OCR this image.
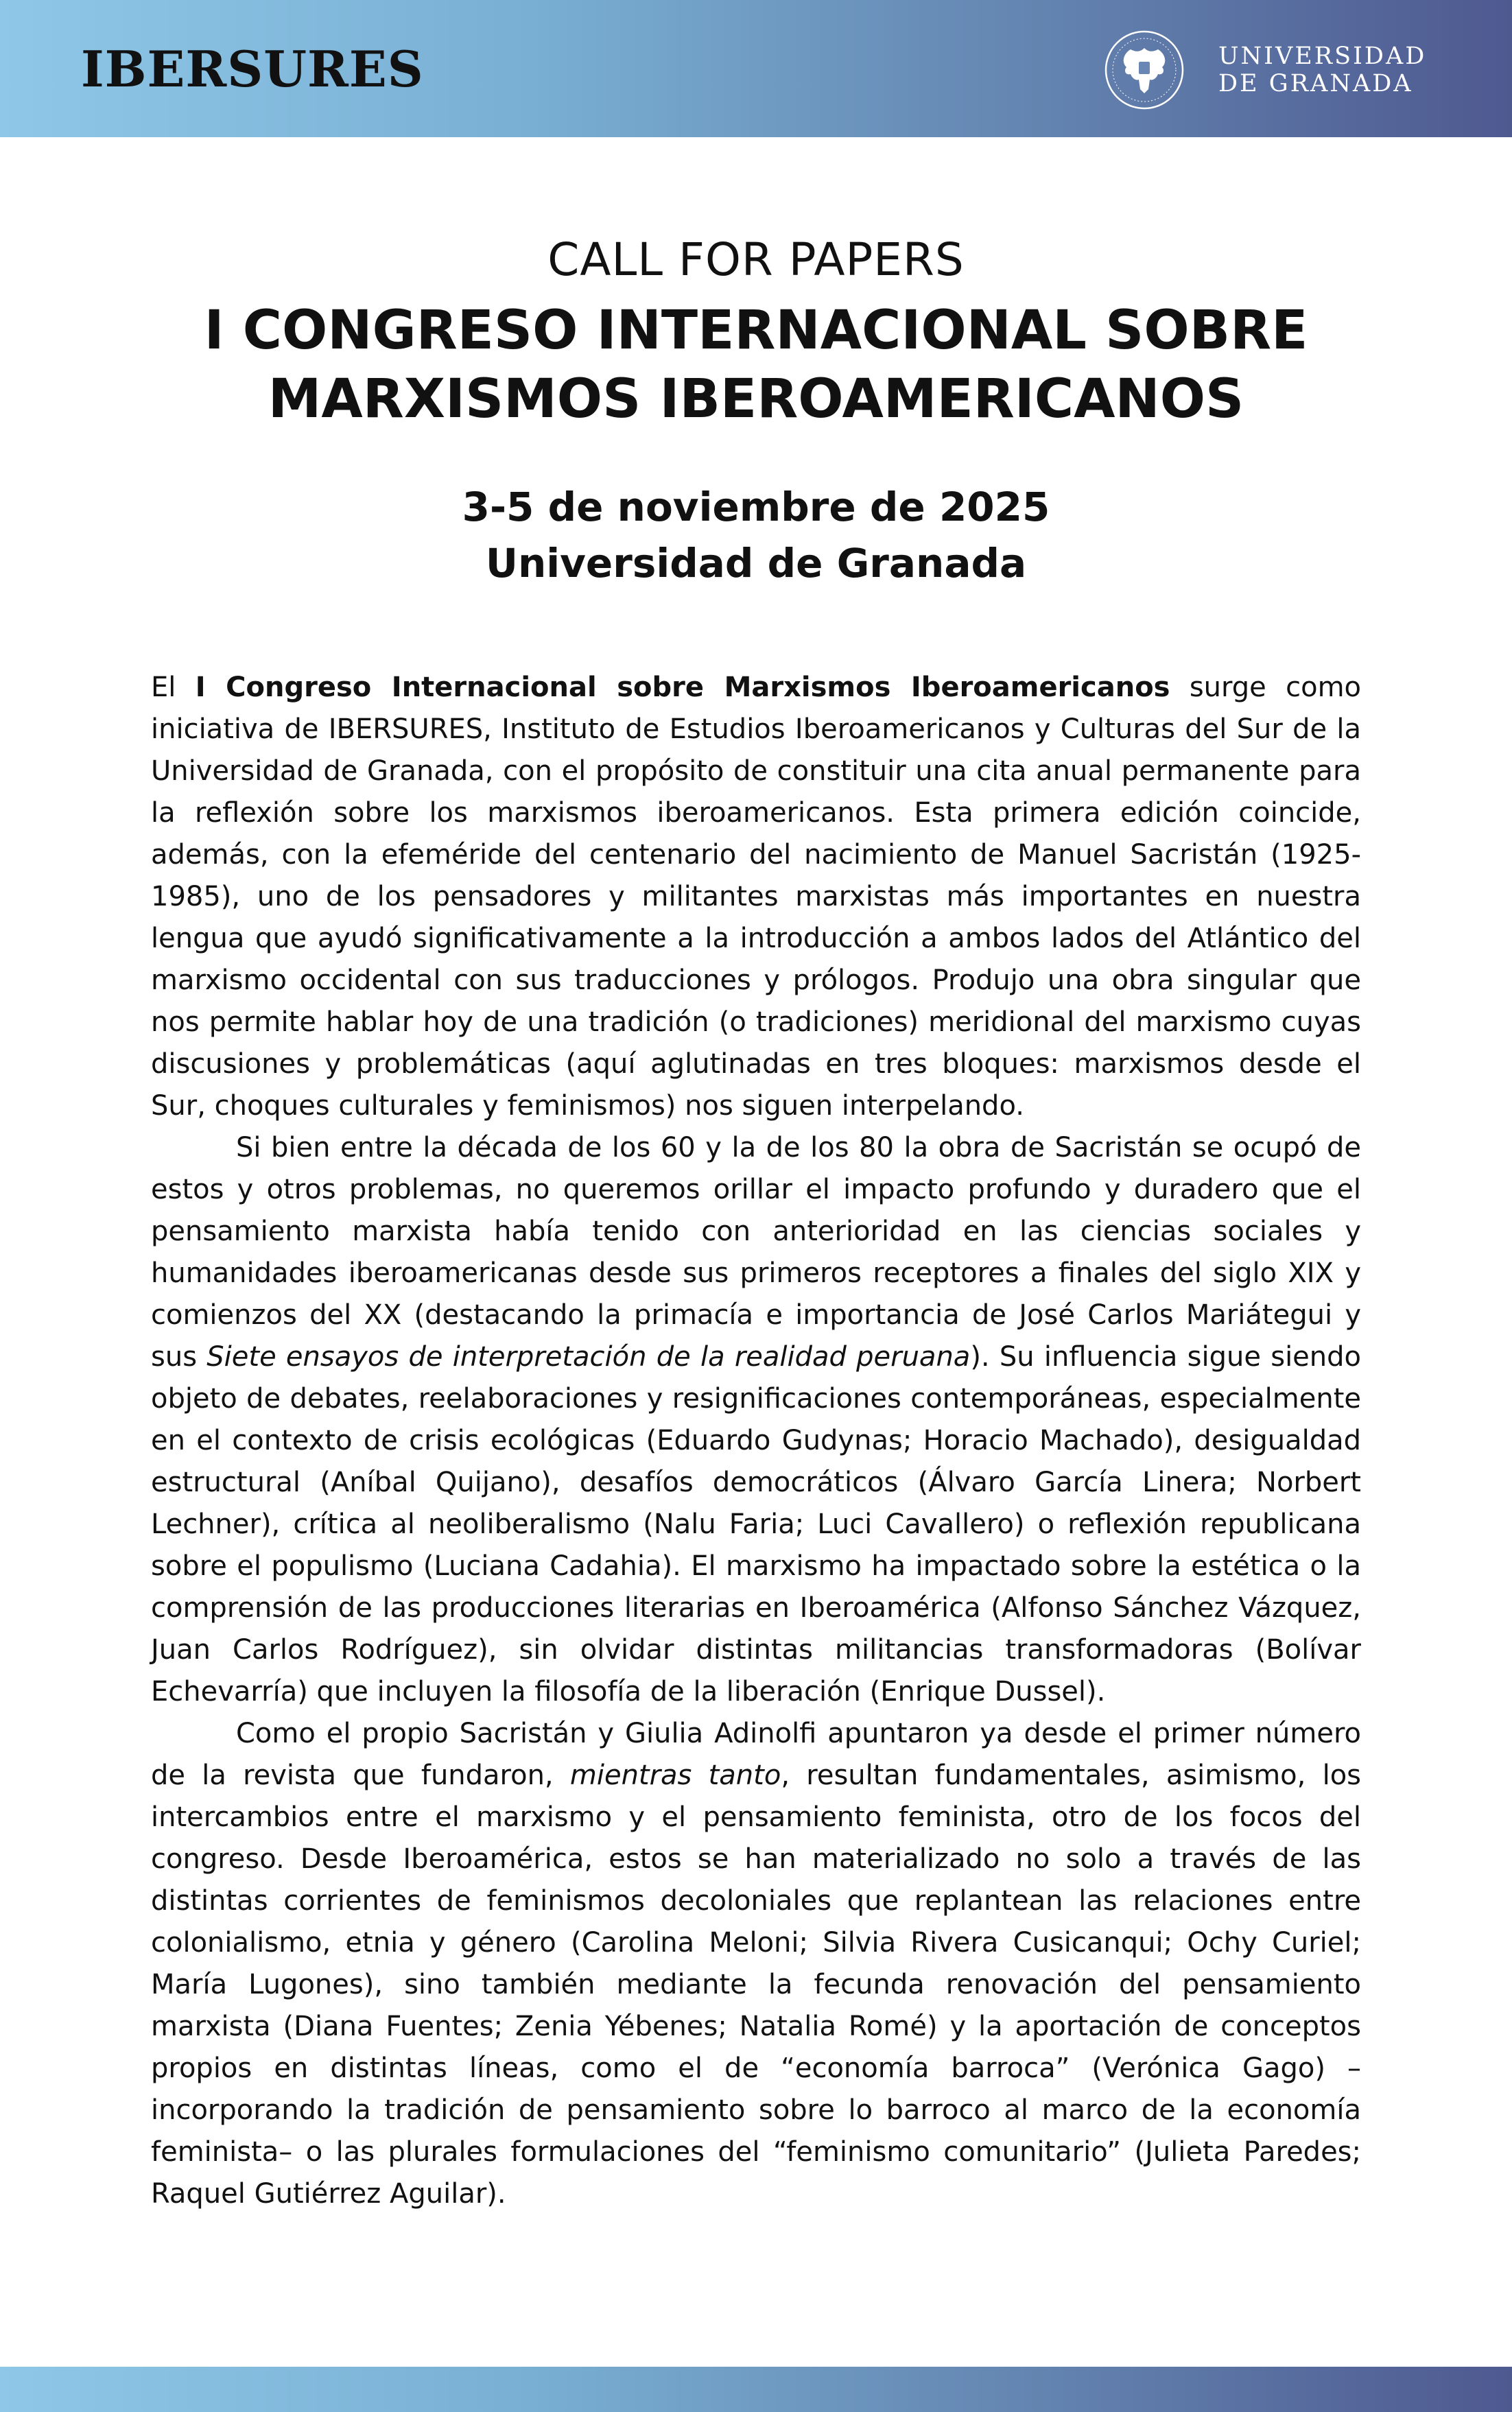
IBERSURES	UNIVERSIDAD
DE GRANADA
CALL FOR PAPERS
I CONGRESO INTERNACIONAL SOBRE
MARXISMOS IBEROAMERICANOS
3-5 de noviembre de 2025
Universidad de Granada

El I Congreso Internacional sobre Marxismos Iberoamericanos surge como iniciativa de IBERSURES, Instituto de Estudios Iberoamericanos y Culturas del Sur de la Universidad de Granada, con el propósito de constituir una cita anual permanente para la reflexión sobre los marxismos iberoamericanos. Esta primera edición coincide, además, con la efeméride del centenario del nacimiento de Manuel Sacristán (1925-1985), uno de los pensadores y militantes marxistas más importantes en nuestra lengua que ayudó significativamente a la introducción a ambos lados del Atlántico del marxismo occidental con sus traducciones y prólogos. Produjo una obra singular que nos permite hablar hoy de una tradición (o tradiciones) meridional del marxismo cuyas discusiones y problemáticas (aquí aglutinadas en tres bloques: marxismos desde el Sur, choques culturales y feminismos) nos siguen interpelando.

Si bien entre la década de los 60 y la de los 80 la obra de Sacristán se ocupó de estos y otros problemas, no queremos orillar el impacto profundo y duradero que el pensamiento marxista había tenido con anterioridad en las ciencias sociales y humanidades iberoamericanas desde sus primeros receptores a finales del siglo XIX y comienzos del XX (destacando la primacía e importancia de José Carlos Mariátegui y sus Siete ensayos de interpretación de la realidad peruana). Su influencia sigue siendo objeto de debates, reelaboraciones y resignificaciones contemporáneas, especialmente en el contexto de crisis ecológicas (Eduardo Gudynas; Horacio Machado), desigualdad estructural (Aníbal Quijano), desafíos democráticos (Álvaro García Linera; Norbert Lechner), crítica al neoliberalismo (Nalu Faria; Luci Cavallero) o reflexión republicana sobre el populismo (Luciana Cadahia). El marxismo ha impactado sobre la estética o la comprensión de las producciones literarias en Iberoamérica (Alfonso Sánchez Vázquez, Juan Carlos Rodríguez), sin olvidar distintas militancias transformadoras (Bolívar Echevarría) que incluyen la filosofía de la liberación (Enrique Dussel).

Como el propio Sacristán y Giulia Adinolfi apuntaron ya desde el primer número de la revista que fundaron, mientras tanto, resultan fundamentales, asimismo, los intercambios entre el marxismo y el pensamiento feminista, otro de los focos del congreso. Desde Iberoamérica, estos se han materializado no solo a través de las distintas corrientes de feminismos decoloniales que replantean las relaciones entre colonialismo, etnia y género (Carolina Meloni; Silvia Rivera Cusicanqui; Ochy Curiel; María Lugones), sino también mediante la fecunda renovación del pensamiento marxista (Diana Fuentes; Zenia Yébenes; Natalia Romé) y la aportación de conceptos propios en distintas líneas, como el de “economía barroca” (Verónica Gago) –incorporando la tradición de pensamiento sobre lo barroco al marco de la economía feminista– o las plurales formulaciones del “feminismo comunitario” (Julieta Paredes; Raquel Gutiérrez Aguilar).
